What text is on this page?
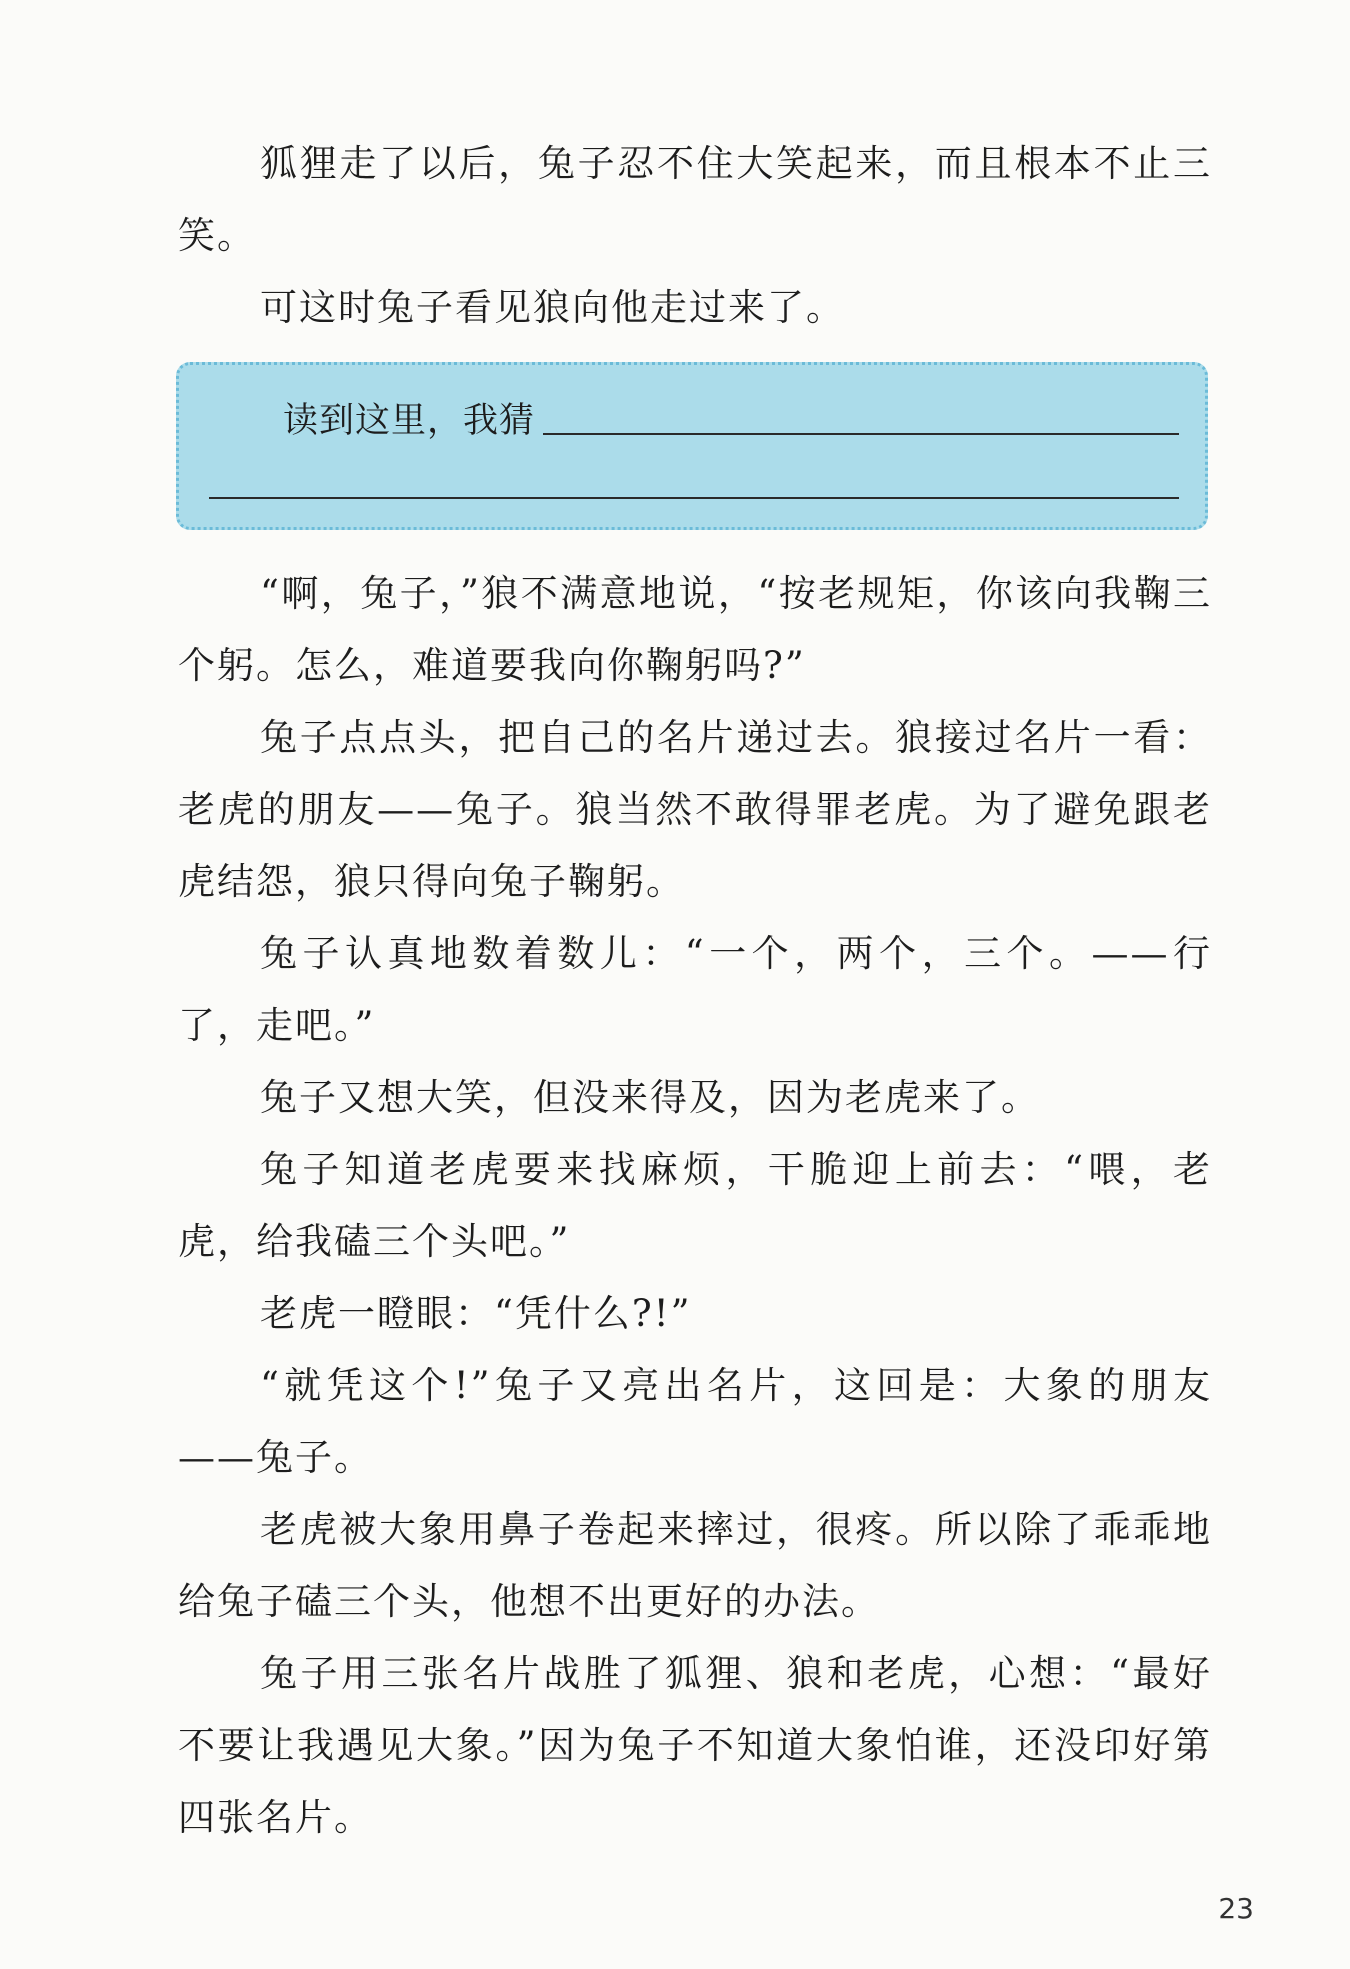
狐狸走了以后，兔子忍不住大笑起来，而且根本不止三笑。

可这时兔子看见狼向他走过来了。

读到这里，我猜

“啊，兔子，”狼不满意地说，“按老规矩，你该向我鞠三个躬。怎么，难道要我向你鞠躬吗?”

兔子点点头，把自己的名片递过去。狼接过名片一看：老虎的朋友——兔子。狼当然不敢得罪老虎。为了避免跟老虎结怨，狼只得向兔子鞠躬。

兔子认真地数着数儿：“一个，两个，三个。——行了，走吧。”

兔子又想大笑，但没来得及，因为老虎来了。

兔子知道老虎要来找麻烦，干脆迎上前去：“喂，老虎，给我磕三个头吧。”

老虎一瞪眼：“凭什么?!”

“就凭这个!”兔子又亮出名片，这回是：大象的朋友——兔子。

老虎被大象用鼻子卷起来摔过，很疼。所以除了乖乖地给兔子磕三个头，他想不出更好的办法。

兔子用三张名片战胜了狐狸、狼和老虎，心想：“最好不要让我遇见大象。”因为兔子不知道大象怕谁，还没印好第四张名片。

23
